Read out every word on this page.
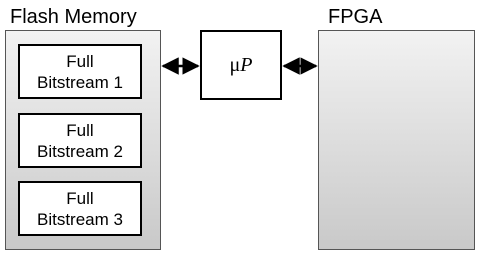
Flash Memory	FPGA
Full
Bitstream 1
Full
Bitstream 2
Full
Bitstream 3
μ P
